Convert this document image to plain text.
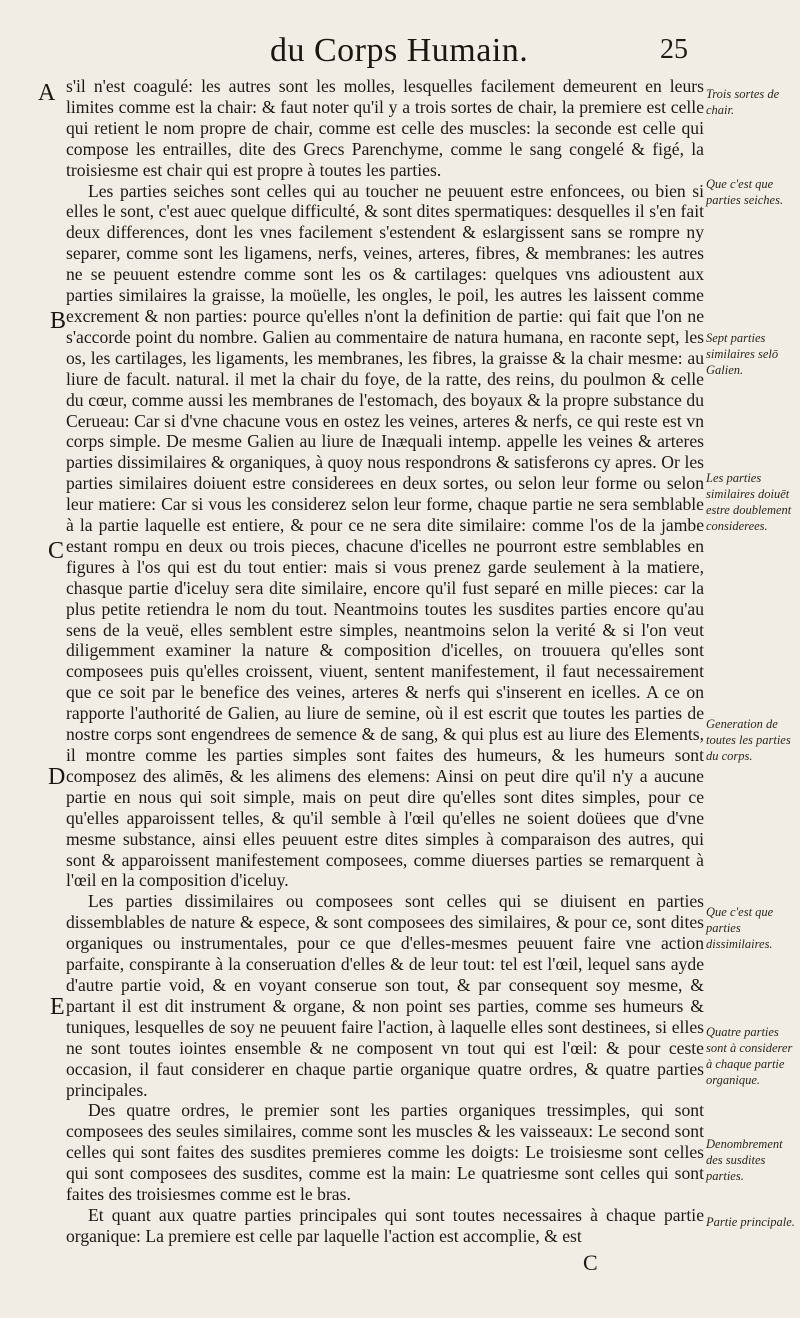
du Corps Humain.	25
A
B
C
D
E

s'il n'est coagulé: les autres sont les molles, lesquelles facilement demeurent en leurs limites comme est la chair: & faut noter qu'il y a trois sortes de chair, la premiere est celle qui retient le nom propre de chair, comme est celle des muscles: la seconde est celle qui compose les entrailles, dite des Grecs Parenchyme, comme le sang congelé & figé, la troisiesme est chair qui est propre à toutes les parties.

Les parties seiches sont celles qui au toucher ne peuuent estre enfoncees, ou bien si elles le sont, c'est auec quelque difficulté, & sont dites spermatiques: desquelles il s'en fait deux differences, dont les vnes facilement s'estendent & eslargissent sans se rompre ny separer, comme sont les ligamens, nerfs, veines, arteres, fibres, & membranes: les autres ne se peuuent estendre comme sont les os & cartilages: quelques vns adioustent aux parties similaires la graisse, la moüelle, les ongles, le poil, les autres les laissent comme excrement & non parties: pource qu'elles n'ont la definition de partie: qui fait que l'on ne s'accorde point du nombre. Galien au commentaire de natura humana, en raconte sept, les os, les cartilages, les ligaments, les membranes, les fibres, la graisse & la chair mesme: au liure de facult. natural. il met la chair du foye, de la ratte, des reins, du poulmon & celle du cœur, comme aussi les membranes de l'estomach, des boyaux & la propre substance du Cerueau: Car si d'vne chacune vous en ostez les veines, arteres & nerfs, ce qui reste est vn corps simple. De mesme Galien au liure de Inæquali intemp. appelle les veines & arteres parties dissimilaires & organiques, à quoy nous respondrons & satisferons cy apres. Or les parties similaires doiuent estre considerees en deux sortes, ou selon leur forme ou selon leur matiere: Car si vous les considerez selon leur forme, chaque partie ne sera semblable à la partie laquelle est entiere, & pour ce ne sera dite similaire: comme l'os de la jambe estant rompu en deux ou trois pieces, chacune d'icelles ne pourront estre semblables en figures à l'os qui est du tout entier: mais si vous prenez garde seulement à la matiere, chasque partie d'iceluy sera dite similaire, encore qu'il fust separé en mille pieces: car la plus petite retiendra le nom du tout. Neantmoins toutes les susdites parties encore qu'au sens de la veuë, elles semblent estre simples, neantmoins selon la verité & si l'on veut diligemment examiner la nature & composition d'icelles, on trouuera qu'elles sont composees puis qu'elles croissent, viuent, sentent manifestement, il faut necessairement que ce soit par le benefice des veines, arteres & nerfs qui s'inserent en icelles. A ce on rapporte l'authorité de Galien, au liure de semine, où il est escrit que toutes les parties de nostre corps sont engendrees de semence & de sang, & qui plus est au liure des Elements, il montre comme les parties simples sont faites des humeurs, & les humeurs sont composez des alimēs, & les alimens des elemens: Ainsi on peut dire qu'il n'y a aucune partie en nous qui soit simple, mais on peut dire qu'elles sont dites simples, pour ce qu'elles apparoissent telles, & qu'il semble à l'œil qu'elles ne soient doüees que d'vne mesme substance, ainsi elles peuuent estre dites simples à comparaison des autres, qui sont & apparoissent manifestement composees, comme diuerses parties se remarquent à l'œil en la composition d'iceluy.

Les parties dissimilaires ou composees sont celles qui se diuisent en parties dissemblables de nature & espece, & sont composees des similaires, & pour ce, sont dites organiques ou instrumentales, pour ce que d'elles-mesmes peuuent faire vne action parfaite, conspirante à la conseruation d'elles & de leur tout: tel est l'œil, lequel sans ayde d'autre partie void, & en voyant conserue son tout, & par consequent soy mesme, & partant il est dit instrument & organe, & non point ses parties, comme ses humeurs & tuniques, lesquelles de soy ne peuuent faire l'action, à laquelle elles sont destinees, si elles ne sont toutes iointes ensemble & ne composent vn tout qui est l'œil: & pour ceste occasion, il faut considerer en chaque partie organique quatre ordres, & quatre parties principales.

Des quatre ordres, le premier sont les parties organiques tressimples, qui sont composees des seules similaires, comme sont les muscles & les vaisseaux: Le second sont celles qui sont faites des susdites premieres comme les doigts: Le troisiesme sont celles qui sont composees des susdites, comme est la main: Le quatriesme sont celles qui sont faites des troisiesmes comme est le bras.

Et quant aux quatre parties principales qui sont toutes necessaires à chaque partie organique: La premiere est celle par laquelle l'action est accomplie, & est

Trois sortes de chair.
Que c'est que parties seiches.
Sept parties similaires selō Galien.
Les parties similaires doiuēt estre doublement considerees.
Generation de toutes les parties du corps.
Que c'est que parties dissimilaires.
Quatre parties sont à considerer à chaque partie organique.
Denombrement des susdites parties.
Partie principale.
C
